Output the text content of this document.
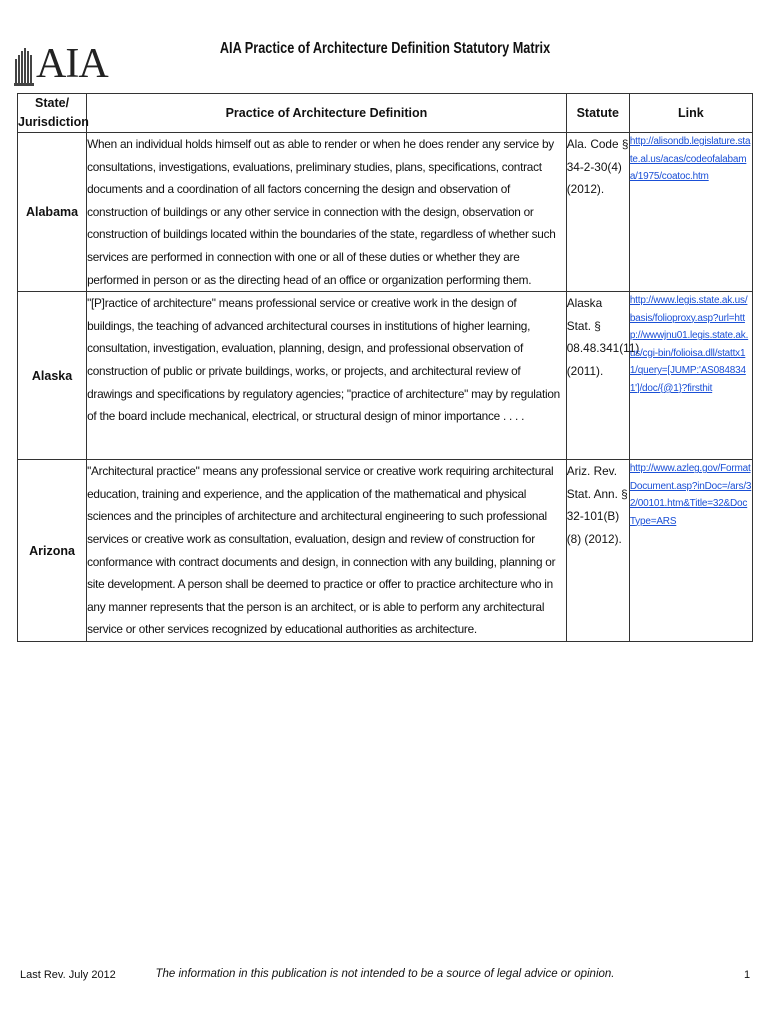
AIA	AIA Practice of Architecture Definition Statutory Matrix
State/ Jurisdiction	Practice of Architecture Definition	Statute	Link
Alabama	When an individual holds himself out as able to render or when he does render any service by consultations, investigations, evaluations, preliminary studies, plans, specifications, contract documents and a coordination of all factors concerning the design and observation of construction of buildings or any other service in connection with the design, observation or construction of buildings located within the boundaries of the state, regardless of whether such services are performed in connection with one or all of these duties or whether they are performed in person or as the directing head of an office or organization performing them.	Ala. Code § 34-2-30(4) (2012).	http://alisondb.legislature.state.al.us/acas/codeofalabama/1975/coatoc.htm
Alaska	"[P]ractice of architecture" means professional service or creative work in the design of buildings, the teaching of advanced architectural courses in institutions of higher learning, consultation, investigation, evaluation, planning, design, and professional observation of construction of public or private buildings, works, or projects, and architectural review of drawings and specifications by regulatory agencies; "practice of architecture" may by regulation of the board include mechanical, electrical, or structural design of minor importance . . . .	Alaska Stat. § 08.48.341(11) (2011).	http://www.legis.state.ak.us/basis/folioproxy.asp?url=http://wwwjnu01.legis.state.ak.us/cgi-bin/folioisa.dll/stattx11/query=[JUMP:'AS0848341']/doc/{@1}?firsthit
Arizona	"Architectural practice" means any professional service or creative work requiring architectural education, training and experience, and the application of the mathematical and physical sciences and the principles of architecture and architectural engineering to such professional services or creative work as consultation, evaluation, design and review of construction for conformance with contract documents and design, in connection with any building, planning or site development. A person shall be deemed to practice or offer to practice architecture who in any manner represents that the person is an architect, or is able to perform any architectural service or other services recognized by educational authorities as architecture.	Ariz. Rev. Stat. Ann. § 32-101(B)(8) (2012).	http://www.azleg.gov/FormatDocument.asp?inDoc=/ars/32/00101.htm&Title=32&DocType=ARS
Last Rev. July 2012	The information in this publication is not intended to be a source of legal advice or opinion.	1
